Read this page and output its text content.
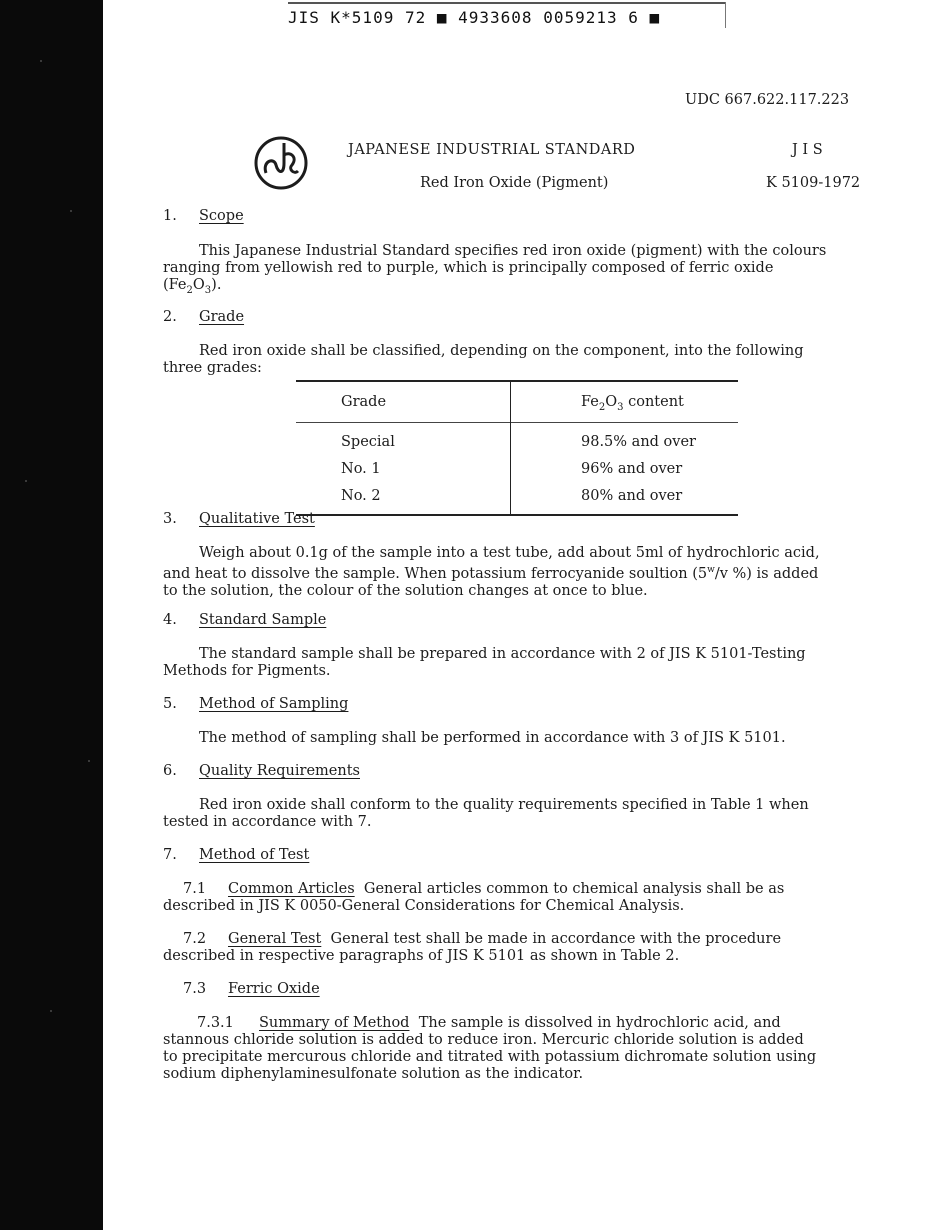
JIS K*5109 72 ■ 4933608 0059213 6 ■
UDC 667.622.117.223
JAPANESE INDUSTRIAL STANDARD	J I S
Red Iron Oxide (Pigment)	K 5109-1972
1. Scope
This Japanese Industrial Standard specifies red iron oxide (pigment) with the colours
ranging from yellowish red to purple, which is principally composed of ferric oxide
$(Fe_2O_3)$.
2. Grade
Red iron oxide shall be classified, depending on the component, into the following
three grades:
Grade	$Fe_2O_3$ content
Special	98.5% and over
No. 1	96% and over
No. 2	80% and over
3. Qualitative Test
Weigh about 0.1g of the sample into a test tube, add about 5ml of hydrochloric acid,
and heat to dissolve the sample. When potassium ferrocyanide soultion (5$^w$/v %) is added
to the solution, the colour of the solution changes at once to blue.
4. Standard Sample
The standard sample shall be prepared in accordance with 2 of JIS K 5101-Testing
Methods for Pigments.
5. Method of Sampling
The method of sampling shall be performed in accordance with 3 of JIS K 5101.
6. Quality Requirements
Red iron oxide shall conform to the quality requirements specified in Table 1 when
tested in accordance with 7.
7. Method of Test
7.1 Common Articles General articles common to chemical analysis shall be as
described in JIS K 0050-General Considerations for Chemical Analysis.
7.2 General Test General test shall be made in accordance with the procedure
described in respective paragraphs of JIS K 5101 as shown in Table 2.
7.3 Ferric Oxide
7.3.1 Summary of Method The sample is dissolved in hydrochloric acid, and
stannous chloride solution is added to reduce iron. Mercuric chloride solution is added
to precipitate mercurous chloride and titrated with potassium dichromate solution using
sodium diphenylaminesulfonate solution as the indicator.
